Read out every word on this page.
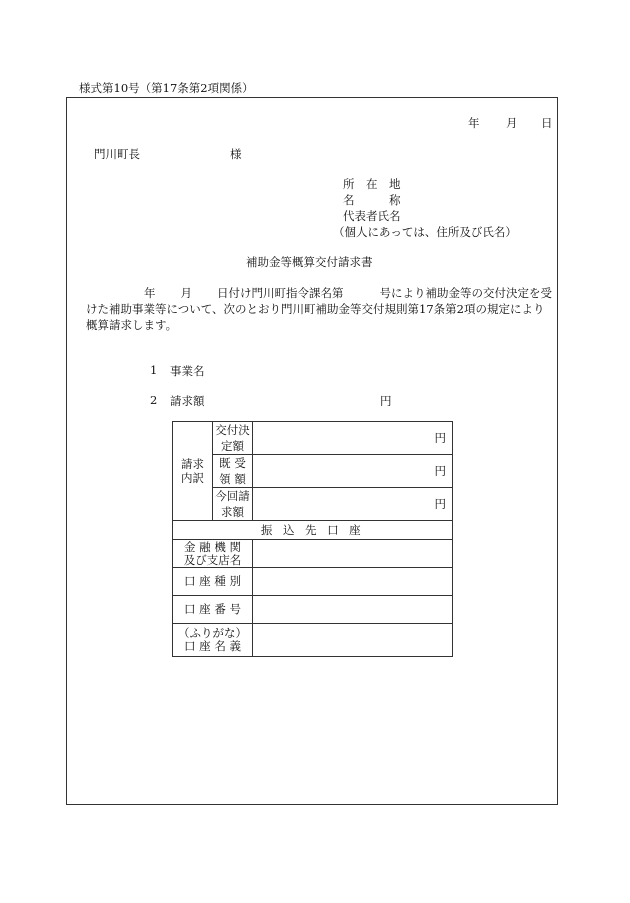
様式第10号（第17条第2項関係）
年 月 日
門川町長	様
所　在　地
名　　　称
代表者氏名
（個人にあっては、住所及び氏名）
補助金等概算交付請求書
年 月 日付け門川町指令課名第	号により補助金等の交付決定を受けた補助事業等について、次のとおり門川町補助金等交付規則第17条第2項の規定により概算請求します。
1 事業名
2 請求額	円
請求内訳	交付決定額	円
	既 受 領 額	円
	今回請求額	円
振 込 先 口 座		

金 融 機 関
及び支店名		

口 座 種 別		

口 座 番 号		

（ふりがな）
口 座 名 義		
